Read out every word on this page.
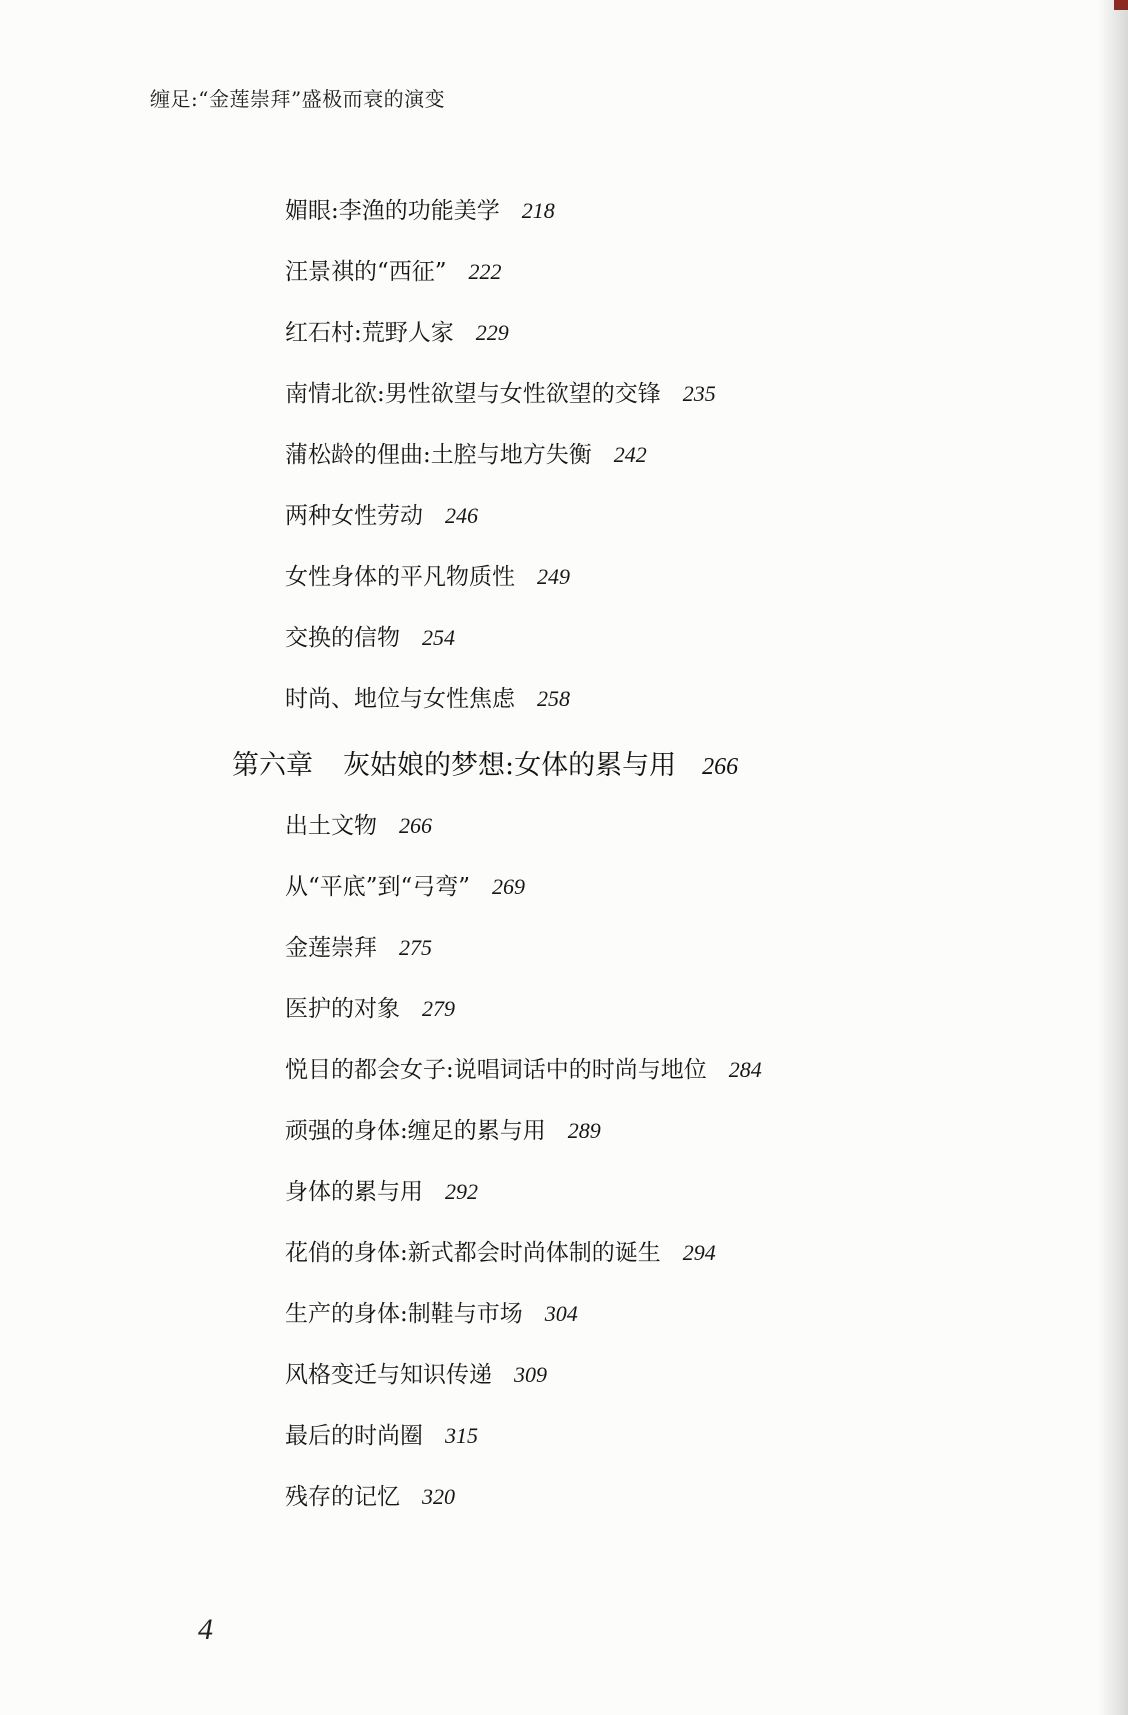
缠足:“金莲崇拜”盛极而衰的演变
媚眼:李渔的功能美学 218
汪景祺的“西征” 222
红石村:荒野人家 229
南情北欲:男性欲望与女性欲望的交锋 235
蒲松龄的俚曲:土腔与地方失衡 242
两种女性劳动 246
女性身体的平凡物质性 249
交换的信物 254
时尚、地位与女性焦虑 258
第六章 灰姑娘的梦想:女体的累与用 266
出土文物 266
从“平底”到“弓弯” 269
金莲崇拜 275
医护的对象 279
悦目的都会女子:说唱词话中的时尚与地位 284
顽强的身体:缠足的累与用 289
身体的累与用 292
花俏的身体:新式都会时尚体制的诞生 294
生产的身体:制鞋与市场 304
风格变迁与知识传递 309
最后的时尚圈 315
残存的记忆 320
4
